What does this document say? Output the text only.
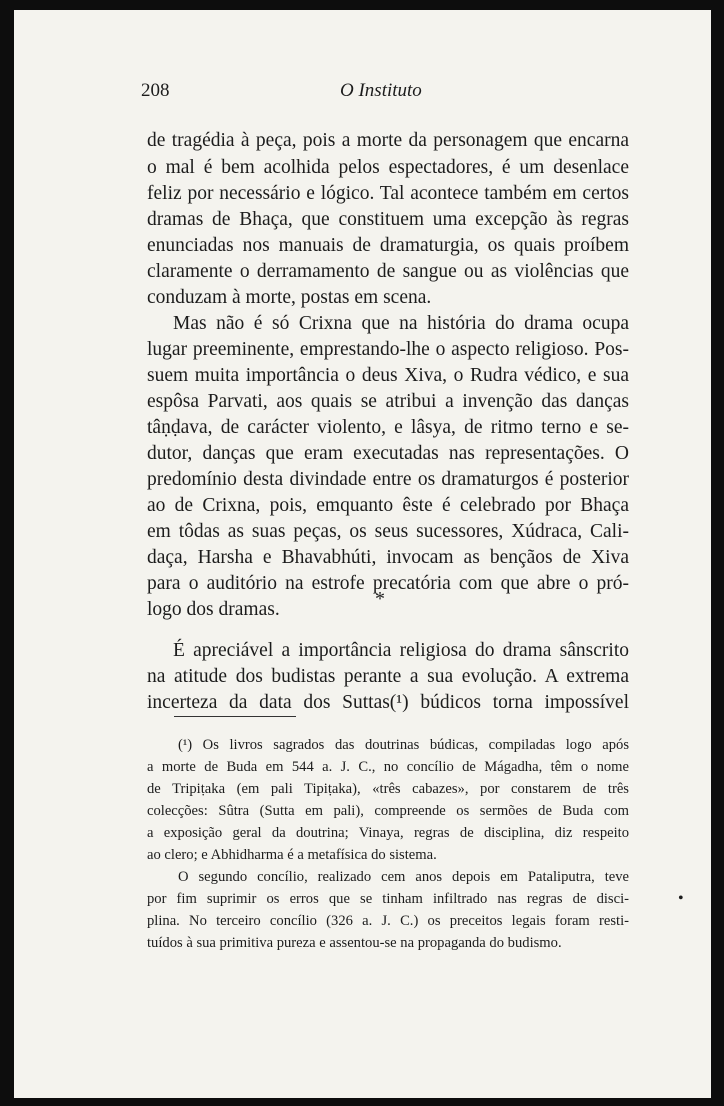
208	O Instituto
de tragédia à peça, pois a morte da personagem que encarna
o mal é bem acolhida pelos espectadores, é um desenlace
feliz por necessário e lógico. Tal acontece também em certos
dramas de Bhaça, que constituem uma excepção às regras
enunciadas nos manuais de dramaturgia, os quais proíbem
claramente o derramamento de sangue ou as violências que
conduzam à morte, postas em scena.
Mas não é só Crixna que na história do drama ocupa
lugar preeminente, emprestando-lhe o aspecto religioso. Pos-
suem muita importância o deus Xiva, o Rudra védico, e sua
espôsa Parvati, aos quais se atribui a invenção das danças
tâṇḍava, de carácter violento, e lâsya, de ritmo terno e se-
dutor, danças que eram executadas nas representações. O
predomínio desta divindade entre os dramaturgos é posterior
ao de Crixna, pois, emquanto êste é celebrado por Bhaça
em tôdas as suas peças, os seus sucessores, Xúdraca, Cali-
daça, Harsha e Bhavabhúti, invocam as bençãos de Xiva
para o auditório na estrofe precatória com que abre o pró-
logo dos dramas.	*
É apreciável a importância religiosa do drama sânscrito
na atitude dos budistas perante a sua evolução. A extrema
incerteza da data dos Suttas(¹) búdicos torna impossível
(¹) Os livros sagrados das doutrinas búdicas, compiladas logo após
a morte de Buda em 544 a. J. C., no concílio de Mágadha, têm o nome
de Tripiṭaka (em pali Tipiṭaka), «três cabazes», por constarem de três
colecções: Sûtra (Sutta em pali), compreende os sermões de Buda com
a exposição geral da doutrina; Vinaya, regras de disciplina, diz respeito
ao clero; e Abhidharma é a metafísica do sistema.
O segundo concílio, realizado cem anos depois em Pataliputra, teve
por fim suprimir os erros que se tinham infiltrado nas regras de disci-
plina. No terceiro concílio (326 a. J. C.) os preceitos legais foram resti-
tuídos à sua primitiva pureza e assentou-se na propaganda do budismo.
•
